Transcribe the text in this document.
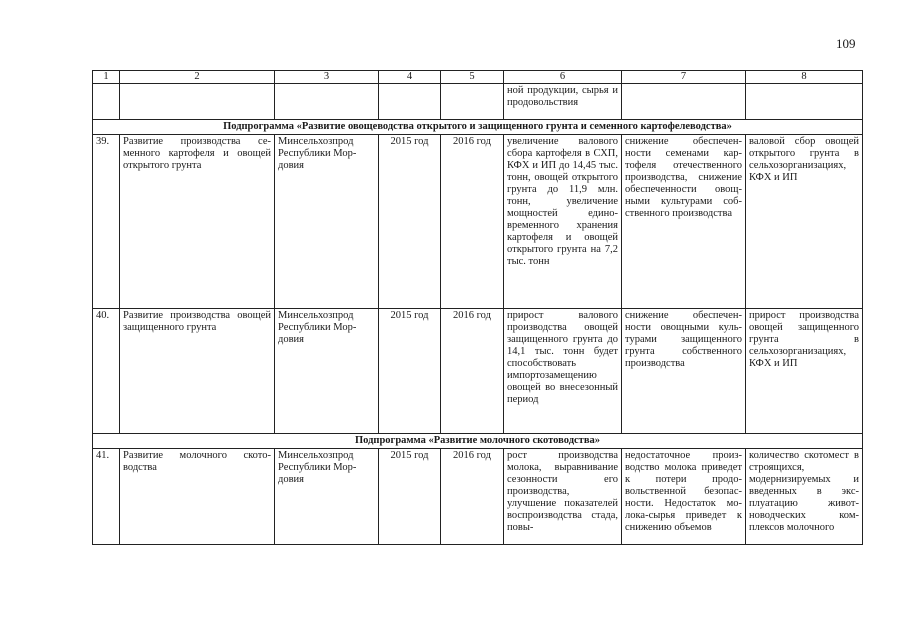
109
1	2	3	4	5	6	7	8
					ной продукции, сырья и продовольствия		
Подпрограмма «Развитие овощеводства открытого и защищенного грунта и семенного картофелеводства»							
39.	Развитие производства семенного картофеля и овощей открытого грунта	Минсельхозпрод Республики Мордовия	2015 год	2016 год	увеличение валового сбора картофеля в СХП, КФХ и ИП до 14,45 тыс. тонн, овощей открытого грунта до 11,9 млн. тонн, увеличение мощностей единовременного хранения картофеля и овощей открытого грунта на 7,2 тыс. тонн	снижение обеспеченности семенами картофеля отечественного производства, снижение обеспеченности овощными культурами собственного производства	валовой сбор овощей открытого грунта в сельхозорганизациях, КФХ и ИП
40.	Развитие производства овощей защищенного грунта	Минсельхозпрод Республики Мордовия	2015 год	2016 год	прирост валового производства овощей защищенного грунта до 14,1 тыс. тонн будет способствовать импортозамещению овощей во внесезонный период	снижение обеспеченности овощными культурами защищенного грунта собственного производства	прирост производства овощей защищенного грунта в сельхозорганизациях, КФХ и ИП
Подпрограмма «Развитие молочного скотоводства»							
41.	Развитие молочного скотоводства	Минсельхозпрод Республики Мордовия	2015 год	2016 год	рост производства молока, выравнивание сезонности его производства, улучшение показателей воспроизводства стада, повы-	недостаточное производство молока приведет к потери продовольственной безопасности. Недостаток молока-сырья приведет к снижению объемов	количество скотомест в строящихся, модернизируемых и введенных в эксплуатацию животноводческих комплексов молочного
